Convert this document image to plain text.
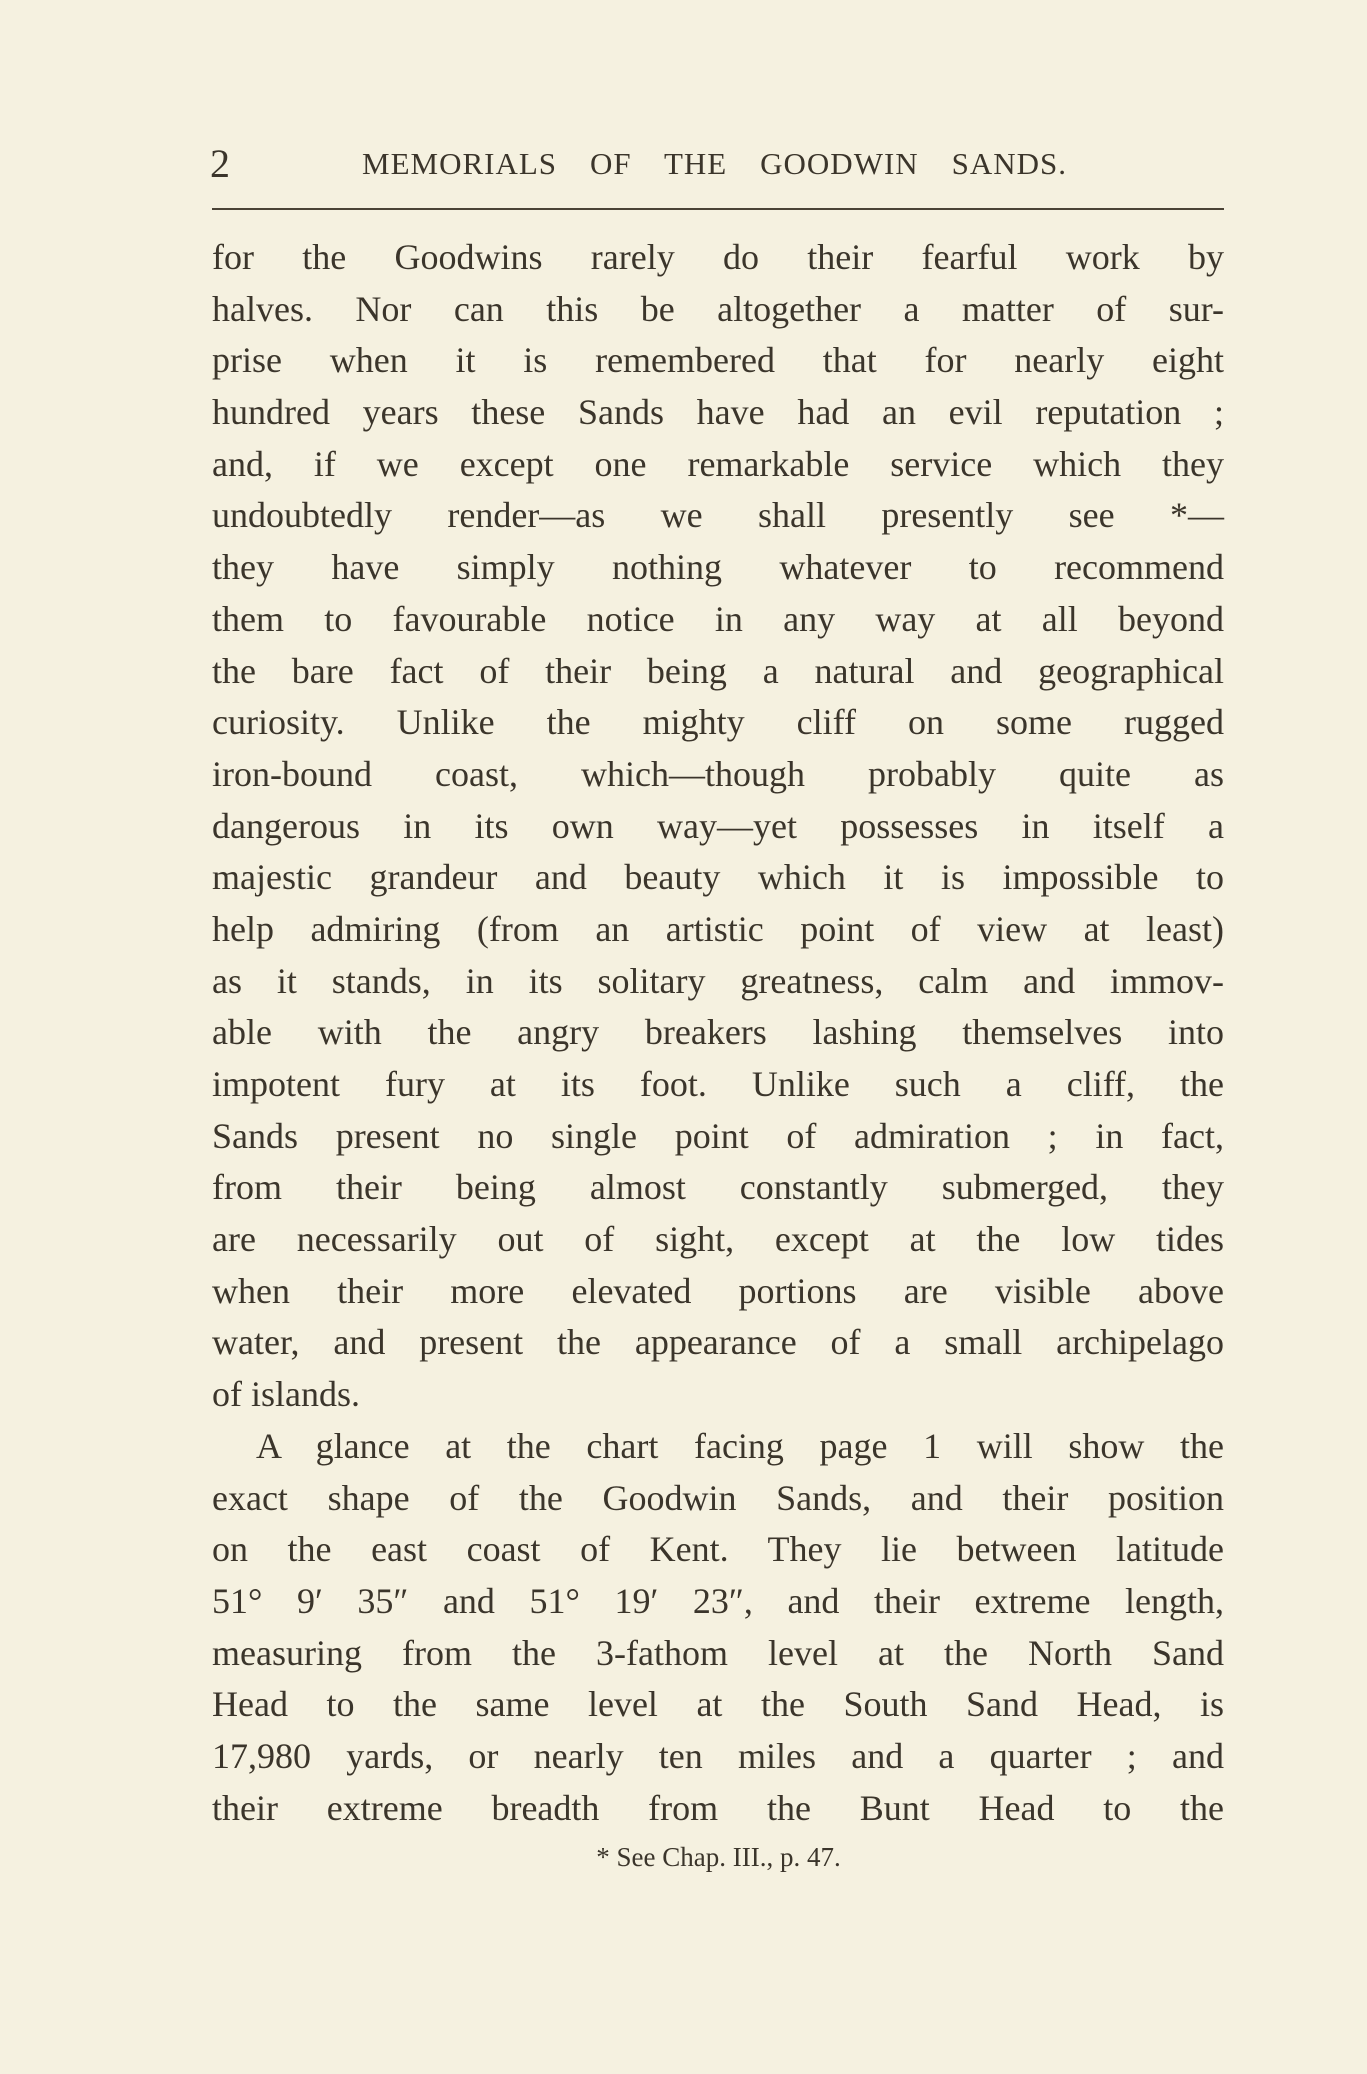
2	MEMORIALS OF THE GOODWIN SANDS.
for the Goodwins rarely do their fearful work by
halves. Nor can this be altogether a matter of sur-
prise when it is remembered that for nearly eight
hundred years these Sands have had an evil reputation ;
and, if we except one remarkable service which they
undoubtedly render—as we shall presently see *—
they have simply nothing whatever to recommend
them to favourable notice in any way at all beyond
the bare fact of their being a natural and geographical
curiosity. Unlike the mighty cliff on some rugged
iron-bound coast, which—though probably quite as
dangerous in its own way—yet possesses in itself a
majestic grandeur and beauty which it is impossible to
help admiring (from an artistic point of view at least)
as it stands, in its solitary greatness, calm and immov-
able with the angry breakers lashing themselves into
impotent fury at its foot. Unlike such a cliff, the
Sands present no single point of admiration ; in fact,
from their being almost constantly submerged, they
are necessarily out of sight, except at the low tides
when their more elevated portions are visible above
water, and present the appearance of a small archipelago
of islands.
A glance at the chart facing page 1 will show the
exact shape of the Goodwin Sands, and their position
on the east coast of Kent. They lie between latitude
51° 9′ 35″ and 51° 19′ 23″, and their extreme length,
measuring from the 3-fathom level at the North Sand
Head to the same level at the South Sand Head, is
17,980 yards, or nearly ten miles and a quarter ; and
their extreme breadth from the Bunt Head to the
* See Chap. III., p. 47.
